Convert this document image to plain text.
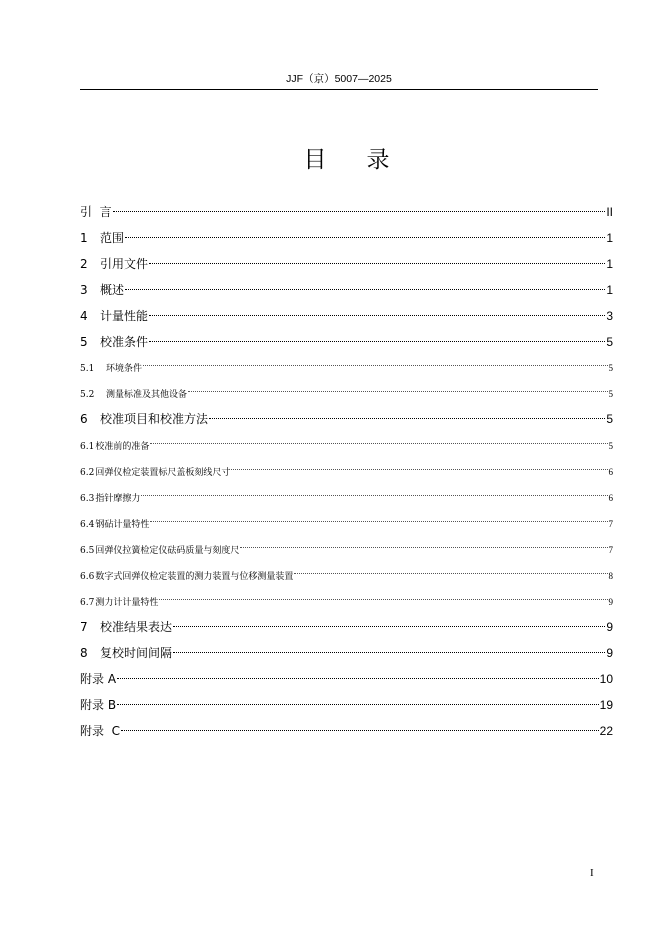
JJF（京）5007—2025
目录
引  言	II
1	范围	1
2	引用文件	1
3	概述	1
4	计量性能	3
5	校准条件	5
5.1	环境条件	5
5.2	测量标准及其他设备	5
6	校准项目和校准方法	5
6.1 校准前的准备	5
6.2 回弹仪检定装置标尺盖板刻线尺寸	6
6.3 指针摩擦力	6
6.4 钢砧计量特性	7
6.5 回弹仪拉簧检定仪砝码质量与刻度尺	7
6.6 数字式回弹仪检定装置的测力装置与位移测量装置	8
6.7 测力计计量特性	9
7	校准结果表达	9
8	复校时间间隔	9
附录 A	10
附录 B	19
附录  C	22
I
